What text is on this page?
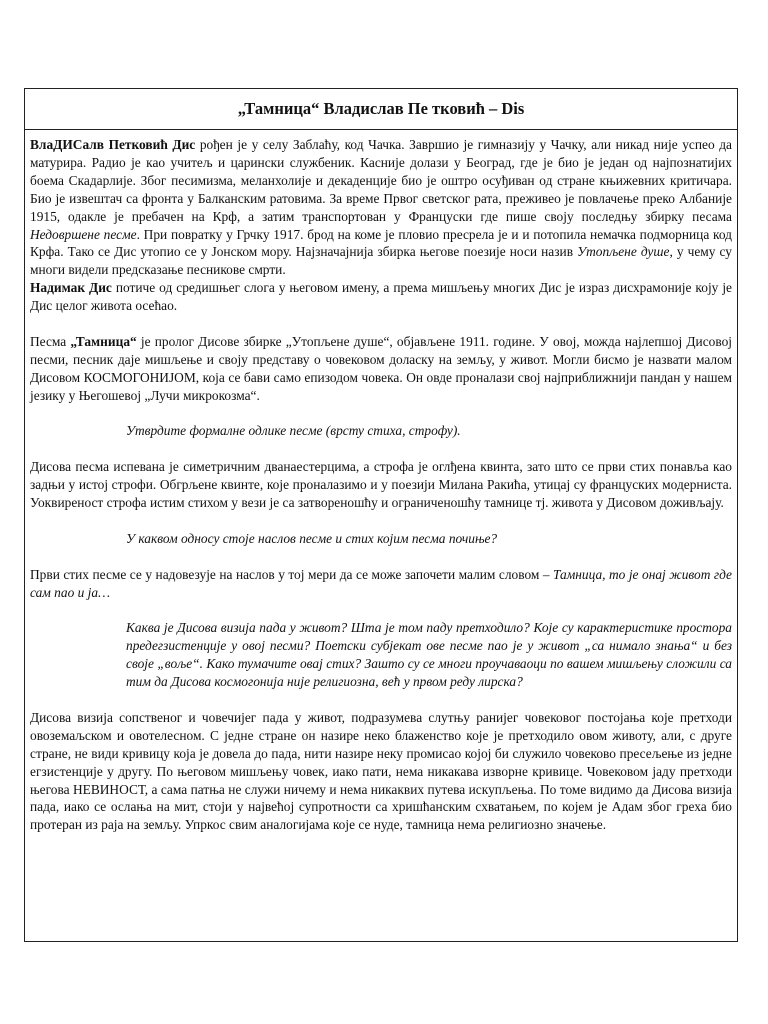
„Тамница“ Владислав Пе тковић – Dis

ВлаДИСалв Петковић Дис рођен је у селу Заблаћу, код Чачка. Завршио је гимназију у Чачку, али никад није успео да матурира. Радио је као учитељ и царински службеник. Касније долази у Београд, где је био је један од најпознатијих боема Скадарлије. Због песимизма, меланхолије и декаденције био је оштро осуђиван од стране књижевних критичара. Био је извештач са фронта у Балканским ратовима. За време Првог светског рата, преживео је повлачење преко Албаније 1915, одакле је пребачен на Крф, а затим транспортован у Француски где пише своју последњу збирку песама Недовршене песме. При повратку у Грчку 1917. брод на коме је пловио пресрела је и и потопила немачка подморница код Крфа. Тако се Дис утопио се у Јонском мору. Најзначајнија збирка његове поезије носи назив Утопљене душе, у чему су многи видели предсказање песникове смрти.

Надимак Дис потиче од средишњег слога у његовом имену, а према мишљењу многих Дис је израз дисхрамоније коју је Дис целог живота осећао.

Песма „Тамница“ је пролог Дисове збирке „Утопљене душе“, објављене 1911. године. У овој, можда најлепшој Дисовој песми, песник даје мишљење и своју представу о човековом доласку на земљу, у живот. Могли бисмо је назвати малом Дисовом КОСМОГОНИЈОМ, која се бави само епизодом човека. Он овде проналази свој најприближнији пандан у нашем језику у Његошевој „Лучи микрокозма“.

Утврдите формалне одлике песме (врсту стиха, строфу).

Дисова песма испевана је симетричним дванаестерцима, а строфа је оглђена квинта, зато што се први стих понавља као задњи у истој строфи. Обгрљене квинте, које проналазимо и у поезији Милана Ракића, утицај су француских модерниста. Уоквиреност строфа истим стихом у вези је са затвореношћу и ограниченошћу тамнице тј. живота у Дисовом доживљају.

У каквом односу стоје наслов песме и стих којим песма почиње?

Први стих песме се у надовезује на наслов у тој мери да се може започети малим словом – Тамница, то је онај живот где сам пао и ја…

Каква је Дисова визија пада у живот? Шта је том паду претходило? Које су карактеристике простора предегзистенције у овој песми? Поетски субјекат ове песме пао је у живот „са нимало знања“ и без своје „воље“. Како тумачите овај стих? Зашто су се многи проучаваоци по вашем мишљењу сложили са тим да Дисова космогонија није религиозна, већ у првом реду лирска?

Дисова визија сопственог и човечијег пада у живот, подразумева слутњу ранијег човековог постојања које претходи овоземаљском и овотелесном. С једне стране он назире неко блаженство које је претходило овом животу, али, с друге стране, не види кривицу која је довела до пада, нити назире неку промисао којој би служило човеково пресељење из једне егзистенције у другу. По његовом мишљењу човек, иако пати, нема никакава изворне кривице. Човековом јаду претходи његова НЕВИНОСТ, а сама патња не служи ничему и нема никаквих путева искупљења. По томе видимо да Дисова визија пада, иако се ослања на мит, стоји у највећој супротности са хришћанским схватањем, по којем је Адам због греха био протеран из раја на земљу. Упркос свим аналогијама које се нуде, тамница нема религиозно значење.
